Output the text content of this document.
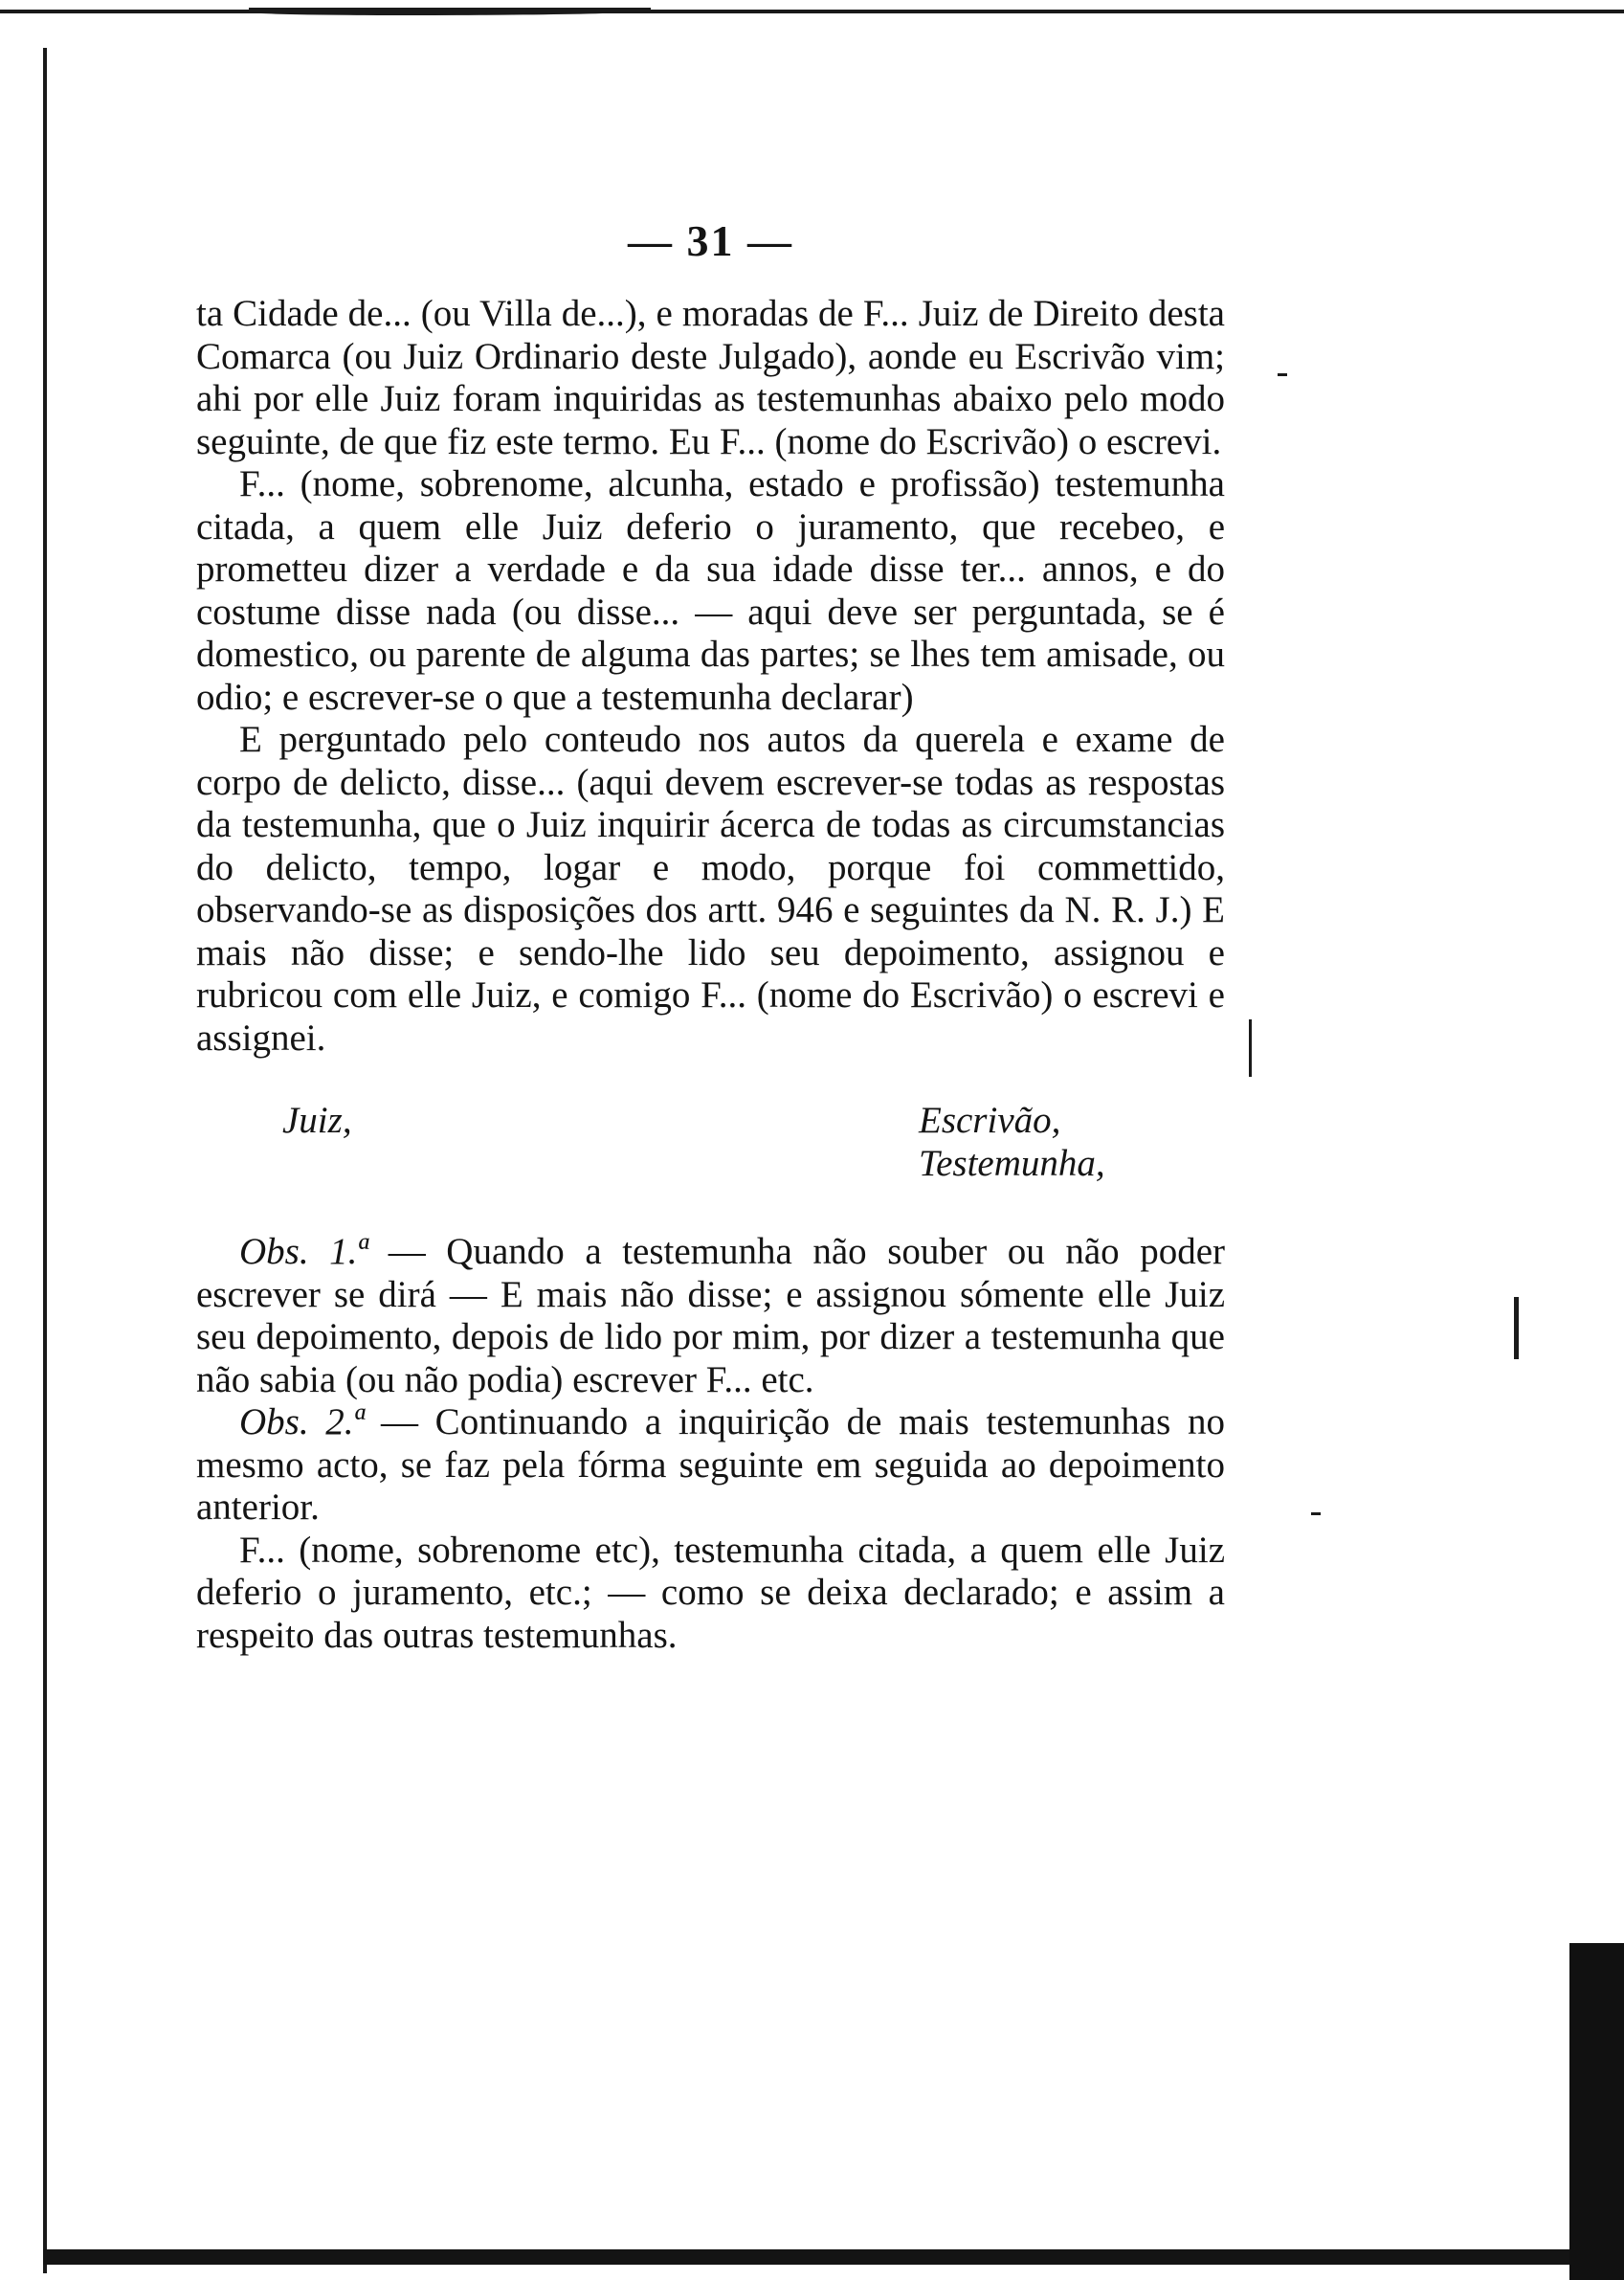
— 31 —

ta Cidade de... (ou Villa de...), e moradas de F... Juiz de Direito desta Comarca (ou Juiz Ordinario deste Julgado), aonde eu Escrivão vim; ahi por elle Juiz foram inquiridas as testemunhas abaixo pelo modo seguinte, de que fiz este termo. Eu F... (nome do Escrivão) o escrevi.

F... (nome, sobrenome, alcunha, estado e profissão) testemunha citada, a quem elle Juiz deferio o juramento, que recebeo, e prometteu dizer a verdade e da sua idade disse ter... annos, e do costume disse nada (ou disse... — aqui deve ser perguntada, se é domestico, ou parente de alguma das partes; se lhes tem amisade, ou odio; e escrever-se o que a testemunha declarar)

E perguntado pelo conteudo nos autos da querela e exame de corpo de delicto, disse... (aqui devem escrever-se todas as respostas da testemunha, que o Juiz inquirir ácerca de todas as circumstancias do delicto, tempo, logar e modo, porque foi commettido, observando-se as disposições dos artt. 946 e seguintes da N. R. J.) E mais não disse; e sendo-lhe lido seu depoimento, assignou e rubricou com elle Juiz, e comigo F... (nome do Escrivão) o escrevi e assignei.

Juiz,	Escrivão,
Testemunha,

Obs. 1.ª — Quando a testemunha não souber ou não poder escrever se dirá — E mais não disse; e assignou sómente elle Juiz seu depoimento, depois de lido por mim, por dizer a testemunha que não sabia (ou não podia) escrever F... etc.

Obs. 2.ª — Continuando a inquirição de mais testemunhas no mesmo acto, se faz pela fórma seguinte em seguida ao depoimento anterior.

F... (nome, sobrenome etc), testemunha citada, a quem elle Juiz deferio o juramento, etc.; — como se deixa declarado; e assim a respeito das outras testemunhas.
